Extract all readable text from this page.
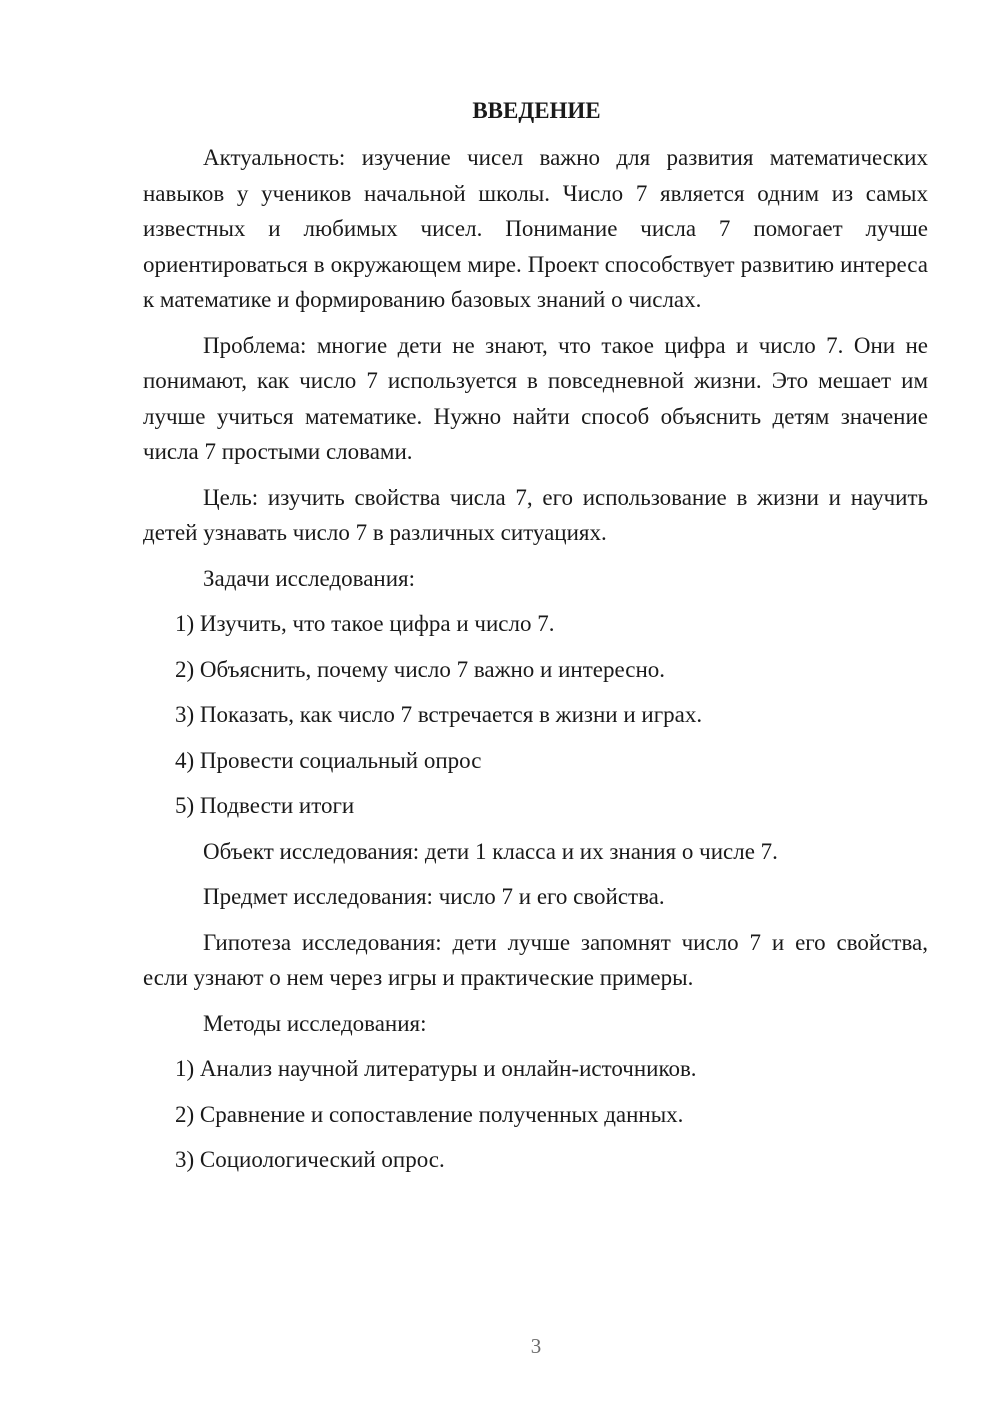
ВВЕДЕНИЕ

Актуальность: изучение чисел важно для развития математических навыков у учеников начальной школы. Число 7 является одним из самых известных и любимых чисел. Понимание числа 7 помогает лучше ориентироваться в окружающем мире. Проект способствует развитию интереса к математике и формированию базовых знаний о числах.

Проблема: многие дети не знают, что такое цифра и число 7. Они не понимают, как число 7 используется в повседневной жизни. Это мешает им лучше учиться математике. Нужно найти способ объяснить детям значение числа 7 простыми словами.

Цель: изучить свойства числа 7, его использование в жизни и научить детей узнавать число 7 в различных ситуациях.

Задачи исследования:

1) Изучить, что такое цифра и число 7.

2) Объяснить, почему число 7 важно и интересно.

3) Показать, как число 7 встречается в жизни и играх.

4) Провести социальный опрос

5) Подвести итоги

Объект исследования: дети 1 класса и их знания о числе 7.

Предмет исследования: число 7 и его свойства.

Гипотеза исследования: дети лучше запомнят число 7 и его свойства, если узнают о нем через игры и практические примеры.

Методы исследования:

1) Анализ научной литературы и онлайн-источников.

2) Сравнение и сопоставление полученных данных.

3) Социологический опрос.

3
